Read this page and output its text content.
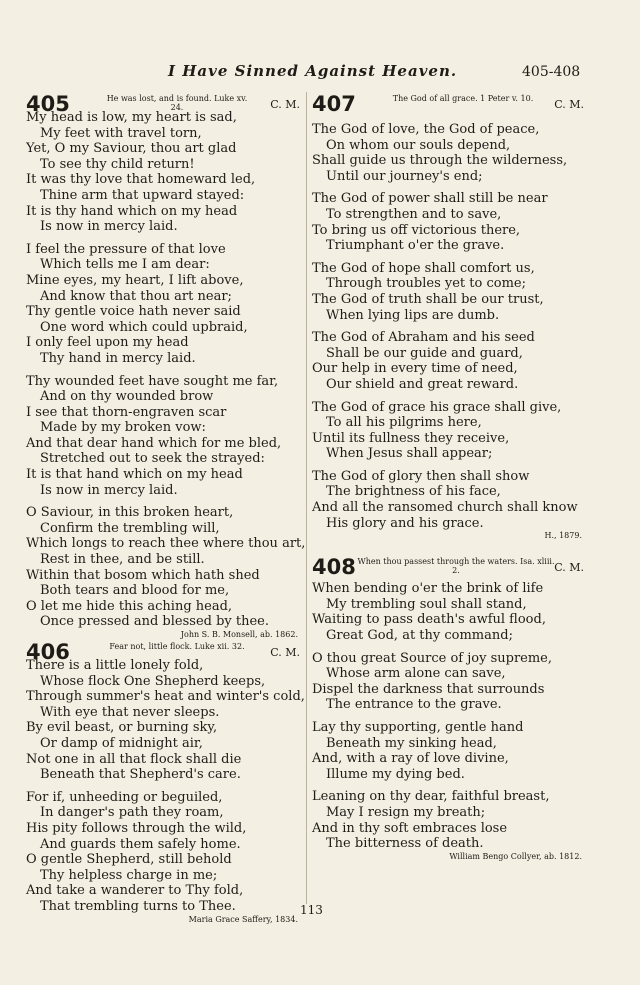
I Have Sinned Against Heaven.	405-408
405	He was lost, and is found. Luke xv. 24.	C. M.
My head is low, my heart is sad,
My feet with travel torn,
Yet, O my Saviour, thou art glad
To see thy child return!
It was thy love that homeward led,
Thine arm that upward stayed:
It is thy hand which on my head
Is now in mercy laid.
I feel the pressure of that love
Which tells me I am dear:
Mine eyes, my heart, I lift above,
And know that thou art near;
Thy gentle voice hath never said
One word which could upbraid,
I only feel upon my head
Thy hand in mercy laid.
Thy wounded feet have sought me far,
And on thy wounded brow
I see that thorn-engraven scar
Made by my broken vow:
And that dear hand which for me bled,
Stretched out to seek the strayed:
It is that hand which on my head
Is now in mercy laid.
O Saviour, in this broken heart,
Confirm the trembling will,
Which longs to reach thee where thou art,
Rest in thee, and be still.
Within that bosom which hath shed
Both tears and blood for me,
O let me hide this aching head,
Once pressed and blessed by thee.
John S. B. Monsell, ab. 1862.
406	Fear not, little flock. Luke xii. 32.	C. M.
There is a little lonely fold,
Whose flock One Shepherd keeps,
Through summer's heat and winter's cold,
With eye that never sleeps.
By evil beast, or burning sky,
Or damp of midnight air,
Not one in all that flock shall die
Beneath that Shepherd's care.
For if, unheeding or beguiled,
In danger's path they roam,
His pity follows through the wild,
And guards them safely home.
O gentle Shepherd, still behold
Thy helpless charge in me;
And take a wanderer to Thy fold,
That trembling turns to Thee.
Maria Grace Saffery, 1834.
407	The God of all grace. 1 Peter v. 10.	C. M.
The God of love, the God of peace,
On whom our souls depend,
Shall guide us through the wilderness,
Until our journey's end;
The God of power shall still be near
To strengthen and to save,
To bring us off victorious there,
Triumphant o'er the grave.
The God of hope shall comfort us,
Through troubles yet to come;
The God of truth shall be our trust,
When lying lips are dumb.
The God of Abraham and his seed
Shall be our guide and guard,
Our help in every time of need,
Our shield and great reward.
The God of grace his grace shall give,
To all his pilgrims here,
Until its fullness they receive,
When Jesus shall appear;
The God of glory then shall show
The brightness of his face,
And all the ransomed church shall know
His glory and his grace.
H., 1879.
408 When thou passest through the waters. Isa. xliii. 2.	C. M.
When bending o'er the brink of life
My trembling soul shall stand,
Waiting to pass death's awful flood,
Great God, at thy command;
O thou great Source of joy supreme,
Whose arm alone can save,
Dispel the darkness that surrounds
The entrance to the grave.
Lay thy supporting, gentle hand
Beneath my sinking head,
And, with a ray of love divine,
Illume my dying bed.
Leaning on thy dear, faithful breast,
May I resign my breath;
And in thy soft embraces lose
The bitterness of death.
William Bengo Collyer, ab. 1812.
113
